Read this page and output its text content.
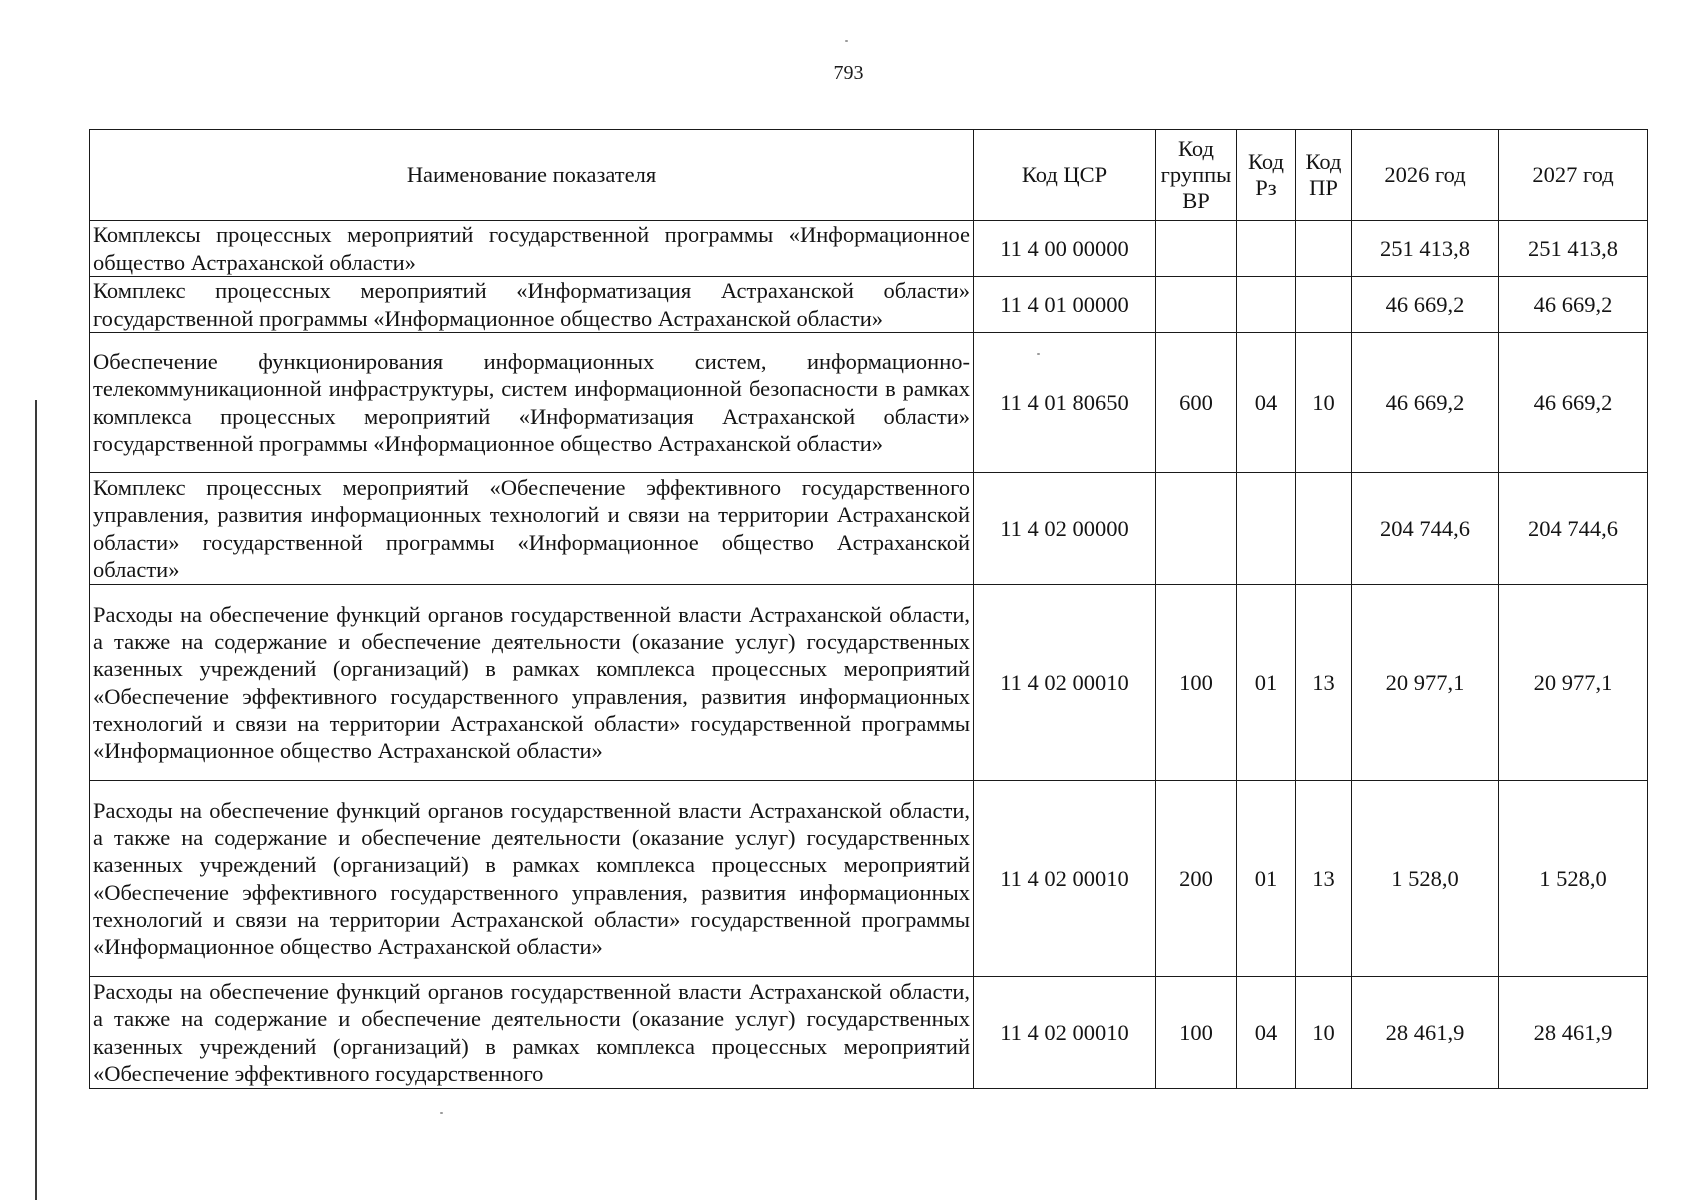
793
Наименование показателя	Код ЦСР	Код группы ВР	Код Рз	Код ПР	2026 год	2027 год
Комплексы процессных мероприятий государственной программы «Информационное общество Астраханской области»	11 4 00 00000				251 413,8	251 413,8
Комплекс процессных мероприятий «Информатизация Астраханской области» государственной программы «Информационное общество Астраханской области»	11 4 01 00000				46 669,2	46 669,2
Обеспечение функционирования информационных систем, информационно-телекоммуникационной инфраструктуры, систем информационной безопасности в рамках комплекса процессных мероприятий «Информатизация Астраханской области» государственной программы «Информационное общество Астраханской области»	11 4 01 80650	600	04	10	46 669,2	46 669,2
Комплекс процессных мероприятий «Обеспечение эффективного государственного управления, развития информационных технологий и связи на территории Астраханской области» государственной программы «Информационное общество Астраханской области»	11 4 02 00000				204 744,6	204 744,6
Расходы на обеспечение функций органов государственной власти Астраханской области, а также на содержание и обеспечение деятельности (оказание услуг) государственных казенных учреждений (организаций) в рамках комплекса процессных мероприятий «Обеспечение эффективного государственного управления, развития информационных технологий и связи на территории Астраханской области» государственной программы «Информационное общество Астраханской области»	11 4 02 00010	100	01	13	20 977,1	20 977,1
Расходы на обеспечение функций органов государственной власти Астраханской области, а также на содержание и обеспечение деятельности (оказание услуг) государственных казенных учреждений (организаций) в рамках комплекса процессных мероприятий «Обеспечение эффективного государственного управления, развития информационных технологий и связи на территории Астраханской области» государственной программы «Информационное общество Астраханской области»	11 4 02 00010	200	01	13	1 528,0	1 528,0
Расходы на обеспечение функций органов государственной власти Астраханской области, а также на содержание и обеспечение деятельности (оказание услуг) государственных казенных учреждений (организаций) в рамках комплекса процессных мероприятий «Обеспечение эффективного государственного	11 4 02 00010	100	04	10	28 461,9	28 461,9
